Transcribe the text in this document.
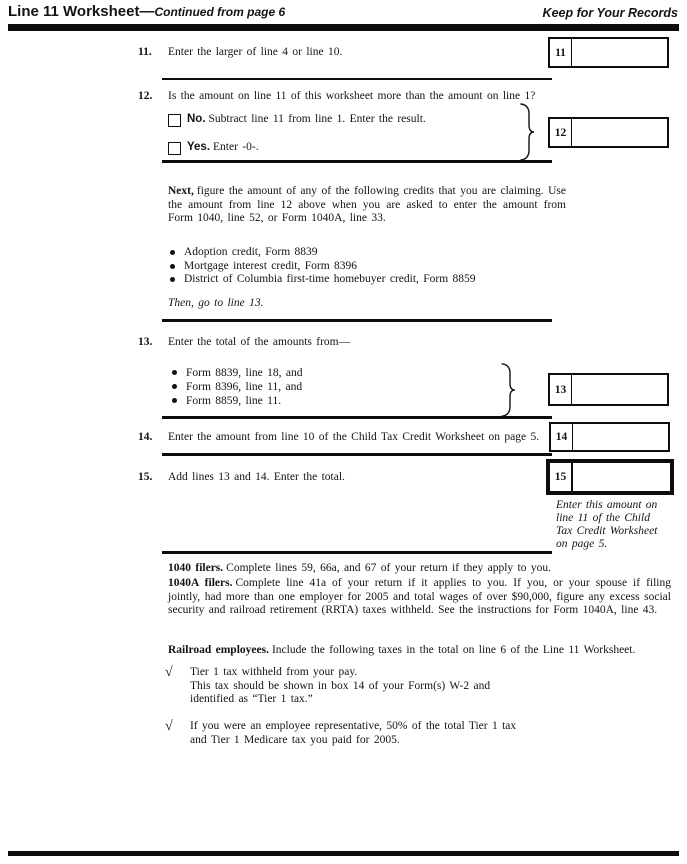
Line 11 Worksheet—Continued from page 6	Keep for Your Records
11. Enter the larger of line 4 or line 10.	11
12. Is the amount on line 11 of this worksheet more than the amount on line 1?
No. Subtract line 11 from line 1. Enter the result.
Yes. Enter -0-.
12
Next, figure the amount of any of the following credits that you are claiming. Use the amount from line 12 above when you are asked to enter the amount from Form 1040, line 52, or Form 1040A, line 33.
Adoption credit, Form 8839
Mortgage interest credit, Form 8396
District of Columbia first-time homebuyer credit, Form 8859
Then, go to line 13.
13. Enter the total of the amounts from—
Form 8839, line 18, and
Form 8396, line 11, and
Form 8859, line 11.
13
14. Enter the amount from line 10 of the Child Tax Credit Worksheet on page 5.	14
15. Add lines 13 and 14. Enter the total.	15
Enter this amount on
line 11 of the Child
Tax Credit Worksheet
on page 5.
1040 filers. Complete lines 59, 66a, and 67 of your return if they apply to you.
1040A filers. Complete line 41a of your return if it applies to you. If you, or your spouse if filing jointly, had more than one employer for 2005 and total wages of over $90,000, figure any excess social security and railroad retirement (RRTA) taxes withheld. See the instructions for Form 1040A, line 43.
Railroad employees. Include the following taxes in the total on line 6 of the Line 11 Worksheet.
√ Tier 1 tax withheld from your pay.
This tax should be shown in box 14 of your Form(s) W-2 and
identified as “Tier 1 tax.”
√ If you were an employee representative, 50% of the total Tier 1 tax
and Tier 1 Medicare tax you paid for 2005.
